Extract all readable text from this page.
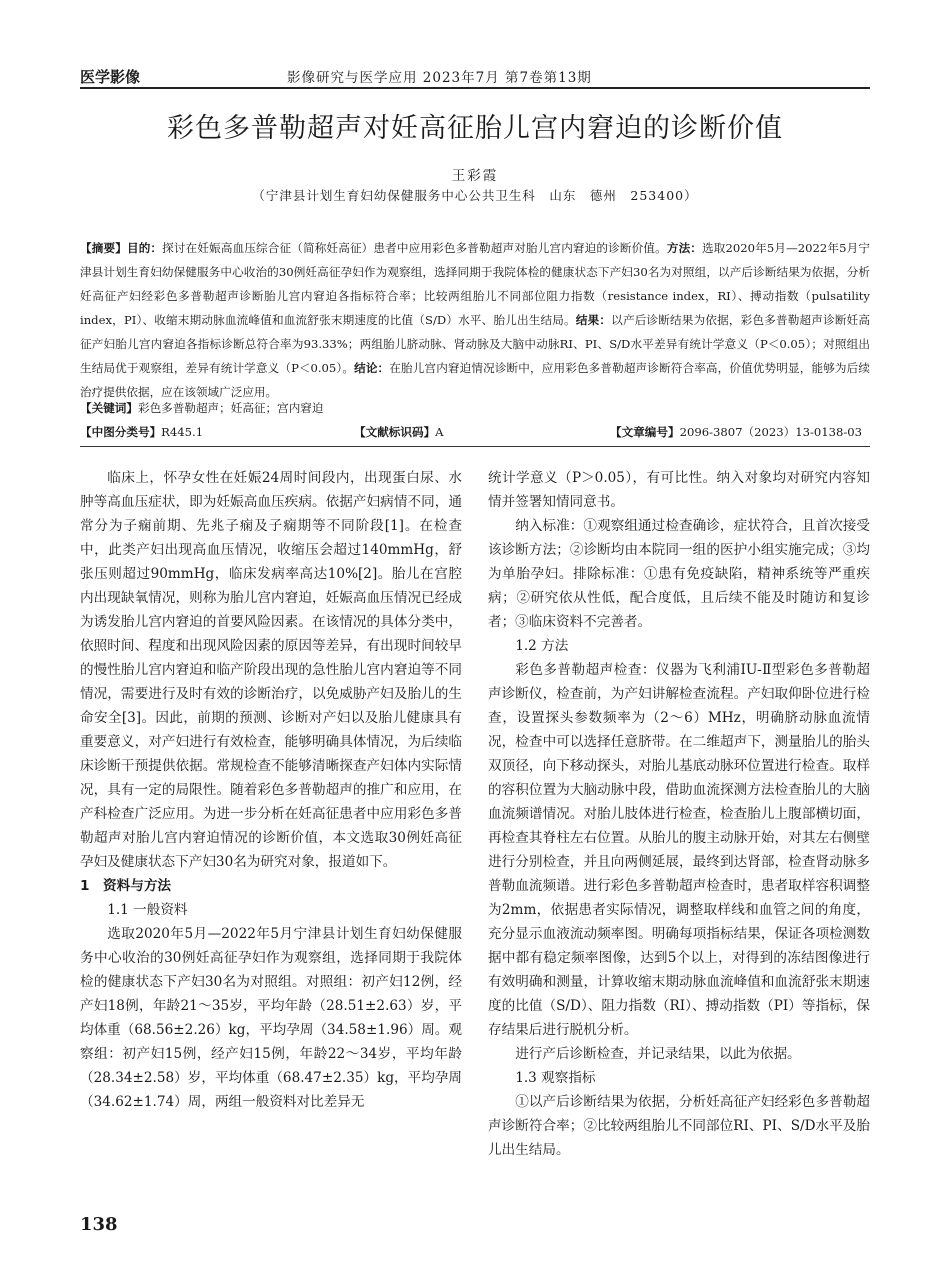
医学影像	影像研究与医学应用 2023年7月 第7卷第13期
彩色多普勒超声对妊高征胎儿宫内窘迫的诊断价值
王彩霞
（宁津县计划生育妇幼保健服务中心公共卫生科　山东　德州　253400）
【摘要】目的：探讨在妊娠高血压综合征（简称妊高征）患者中应用彩色多普勒超声对胎儿宫内窘迫的诊断价值。方法：选取2020年5月—2022年5月宁津县计划生育妇幼保健服务中心收治的30例妊高征孕妇作为观察组，选择同期于我院体检的健康状态下产妇30名为对照组，以产后诊断结果为依据，分析妊高征产妇经彩色多普勒超声诊断胎儿宫内窘迫各指标符合率；比较两组胎儿不同部位阻力指数（resistance index，RI）、搏动指数（pulsatility index，PI）、收缩末期动脉血流峰值和血流舒张末期速度的比值（S/D）水平、胎儿出生结局。结果：以产后诊断结果为依据，彩色多普勒超声诊断妊高征产妇胎儿宫内窘迫各指标诊断总符合率为93.33%；两组胎儿脐动脉、肾动脉及大脑中动脉RI、PI、S/D水平差异有统计学意义（P＜0.05）；对照组出生结局优于观察组，差异有统计学意义（P＜0.05）。结论：在胎儿宫内窘迫情况诊断中，应用彩色多普勒超声诊断符合率高，价值优势明显，能够为后续治疗提供依据，应在该领域广泛应用。
【关键词】彩色多普勒超声；妊高征；宫内窘迫
【中图分类号】R445.1	【文献标识码】A	【文章编号】2096-3807（2023）13-0138-03

临床上，怀孕女性在妊娠24周时间段内，出现蛋白尿、水肿等高血压症状，即为妊娠高血压疾病。依据产妇病情不同，通常分为子痫前期、先兆子痫及子痫期等不同阶段[1]。在检查中，此类产妇出现高血压情况，收缩压会超过140mmHg，舒张压则超过90mmHg，临床发病率高达10%[2]。胎儿在宫腔内出现缺氧情况，则称为胎儿宫内窘迫，妊娠高血压情况已经成为诱发胎儿宫内窘迫的首要风险因素。在该情况的具体分类中，依照时间、程度和出现风险因素的原因等差异，有出现时间较早的慢性胎儿宫内窘迫和临产阶段出现的急性胎儿宫内窘迫等不同情况，需要进行及时有效的诊断治疗，以免威胁产妇及胎儿的生命安全[3]。因此，前期的预测、诊断对产妇以及胎儿健康具有重要意义，对产妇进行有效检查，能够明确具体情况，为后续临床诊断干预提供依据。常规检查不能够清晰探查产妇体内实际情况，具有一定的局限性。随着彩色多普勒超声的推广和应用，在产科检查广泛应用。为进一步分析在妊高征患者中应用彩色多普勒超声对胎儿宫内窘迫情况的诊断价值，本文选取30例妊高征孕妇及健康状态下产妇30名为研究对象，报道如下。

1　资料与方法
1.1 一般资料

选取2020年5月—2022年5月宁津县计划生育妇幼保健服务中心收治的30例妊高征孕妇作为观察组，选择同期于我院体检的健康状态下产妇30名为对照组。对照组：初产妇12例，经产妇18例，年龄21～35岁，平均年龄（28.51±2.63）岁，平均体重（68.56±2.26）kg，平均孕周（34.58±1.96）周。观察组：初产妇15例，经产妇15例，年龄22～34岁，平均年龄（28.34±2.58）岁，平均体重（68.47±2.35）kg，平均孕周（34.62±1.74）周，两组一般资料对比差异无

统计学意义（P＞0.05），有可比性。纳入对象均对研究内容知情并签署知情同意书。

纳入标准：①观察组通过检查确诊，症状符合，且首次接受该诊断方法；②诊断均由本院同一组的医护小组实施完成；③均为单胎孕妇。排除标准：①患有免疫缺陷，精神系统等严重疾病；②研究依从性低，配合度低，且后续不能及时随访和复诊者；③临床资料不完善者。

1.2 方法

彩色多普勒超声检查：仪器为飞利浦IU-Ⅱ型彩色多普勒超声诊断仪，检查前，为产妇讲解检查流程。产妇取仰卧位进行检查，设置探头参数频率为（2～6）MHz，明确脐动脉血流情况，检查中可以选择任意脐带。在二维超声下，测量胎儿的胎头双顶径，向下移动探头，对胎儿基底动脉环位置进行检查。取样的容积位置为大脑动脉中段，借助血流探测方法检查胎儿的大脑血流频谱情况。对胎儿肢体进行检查，检查胎儿上腹部横切面，再检查其脊柱左右位置。从胎儿的腹主动脉开始，对其左右侧壁进行分别检查，并且向两侧延展，最终到达肾部，检查肾动脉多普勒血流频谱。进行彩色多普勒超声检查时，患者取样容积调整为2mm，依据患者实际情况，调整取样线和血管之间的角度，充分显示血液流动频率图。明确每项指标结果，保证各项检测数据中都有稳定频率图像，达到5个以上，对得到的冻结图像进行有效明确和测量，计算收缩末期动脉血流峰值和血流舒张末期速度的比值（S/D）、阻力指数（RI）、搏动指数（PI）等指标，保存结果后进行脱机分析。

进行产后诊断检查，并记录结果，以此为依据。

1.3 观察指标

①以产后诊断结果为依据，分析妊高征产妇经彩色多普勒超声诊断符合率；②比较两组胎儿不同部位RI、PI、S/D水平及胎儿出生结局。

138
